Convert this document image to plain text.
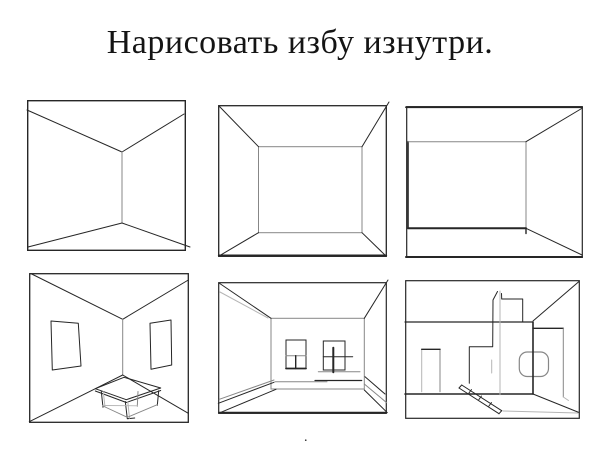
Нарисовать избу изнутри.
.
